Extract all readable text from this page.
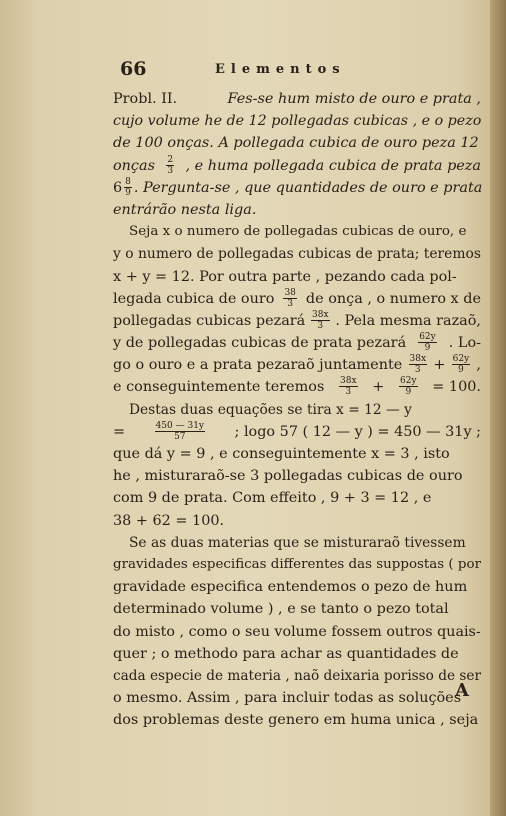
66	Elementos
Probl. II.	Fes-se hum misto de ouro e prata ,
cujo volume he de 12 pollegadas cubicas , e o pezo
de 100 onças. A pollegada cubica de ouro peza 12
onças $\frac{2}{3}$ , e huma pollegada cubica de prata peza
$6 \frac{8}{9}$ . Pergunta-se , que quantidades de ouro e prata
entrárão nesta liga.
Seja x o numero de pollegadas cubicas de ouro, e
y o numero de pollegadas cubicas de prata; teremos
x + y = 12. Por outra parte , pezando cada pol-
legada cubica de ouro $\frac{38}{3}$ de onça , o numero x de
pollegadas cubicas pezará $\frac{38x}{3}$ . Pela mesma razaõ,
y de pollegadas cubicas de prata pezará $\frac{62y}{9}$ . Lo-
go o ouro e a prata pezaraõ juntamente $\frac{38x}{3} + \frac{62y}{9}$ ,
e conseguintemente teremos $\frac{38x}{3} + \frac{62y}{9} = 100$.
Destas duas equações se tira x = 12 — y
=	$\frac{450 — 31y}{57}$ ; logo 57 ( 12 — y ) = 450 — 31y ;
que dá y = 9 , e conseguintemente x = 3 , isto
he , misturaraõ-se 3 pollegadas cubicas de ouro
com 9 de prata. Com effeito , 9 + 3 = 12 , e
38 + 62 = 100.
Se as duas materias que se misturaraõ tivessem
gravidades especificas differentes das suppostas ( por
gravidade especifica entendemos o pezo de hum
determinado volume ) , e se tanto o pezo total
do misto , como o seu volume fossem outros quais-
quer ; o methodo para achar as quantidades de
cada especie de materia , naõ deixaria porisso de ser
o mesmo. Assim , para incluir todas as soluções
dos problemas deste genero em huma unica , seja
A
